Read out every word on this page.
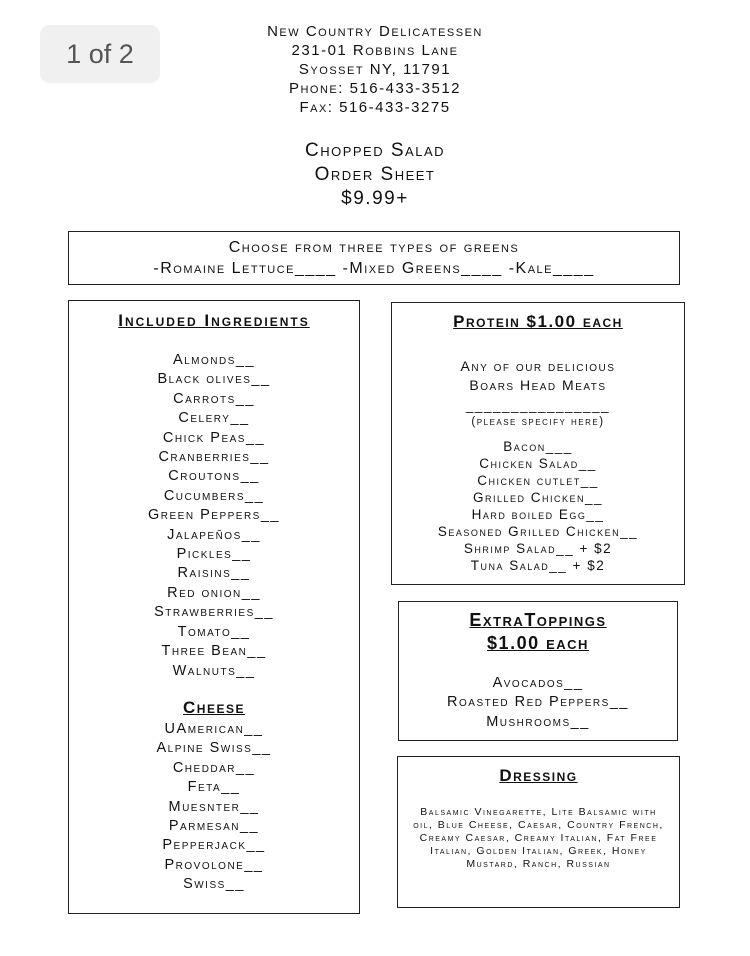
1 of 2
New Country Delicatessen
231-01 Robbins Lane
Syosset NY, 11791
Phone: 516-433-3512
Fax: 516-433-3275
Chopped Salad
Order Sheet
$9.99+
Choose from three types of greens
-Romaine Lettuce____ -Mixed Greens____ -Kale____
Included Ingredients
Almonds__
Black olives__
Carrots__
Celery__
Chick Peas__
Cranberries__
Croutons__
Cucumbers__
Green Peppers__
Jalapeños__
Pickles__
Raisins__
Red onion__
Strawberries__
Tomato__
Three Bean__
Walnuts__
Cheese
UAmerican__
Alpine Swiss__
Cheddar__
Feta__
Muesnter__
Parmesan__
Pepperjack__
Provolone__
Swiss__
Protein $1.00 each
Any of our delicious
Boars Head Meats
________________
(please specify here)
Bacon___
Chicken Salad__
Chicken cutlet__
Grilled Chicken__
Hard boiled Egg__
Seasoned Grilled Chicken__
Shrimp Salad__ + $2
Tuna Salad__ + $2
ExtraToppings
$1.00 each
Avocados__
Roasted Red Peppers__
Mushrooms__
Dressing
Balsamic Vinegarette, Lite Balsamic with oil, Blue Cheese, Caesar, Country French, Creamy Caesar, Creamy Italian, Fat Free Italian, Golden Italian, Greek, Honey Mustard, Ranch, Russian
